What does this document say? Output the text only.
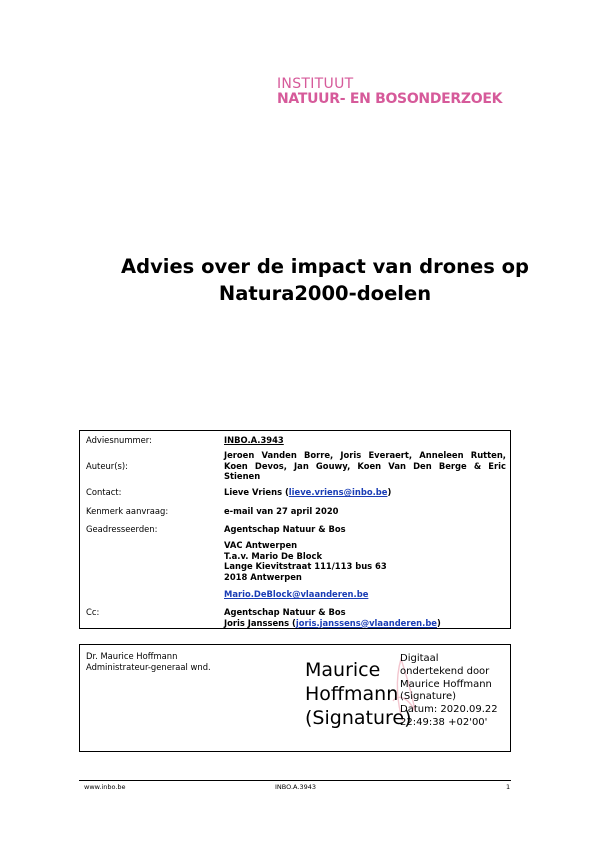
INSTITUUT
NATUUR- EN BOSONDERZOEK
Advies over de impact van drones op
Natura2000-doelen
Adviesnummer:	INBO.A.3943
Auteur(s):
Jeroen Vanden Borre, Joris Everaert, Anneleen Rutten, Koen Devos, Jan Gouwy, Koen Van Den Berge & Eric Stienen
Contact:	Lieve Vriens (lieve.vriens@inbo.be)
Kenmerk aanvraag:	e-mail van 27 april 2020
Geadresseerden:	Agentschap Natuur & Bos
VAC Antwerpen
T.a.v. Mario De Block
Lange Kievitstraat 111/113 bus 63
2018 Antwerpen
Mario.DeBlock@vlaanderen.be
Cc:	Agentschap Natuur & Bos
Joris Janssens (joris.janssens@vlaanderen.be)
Dr. Maurice Hoffmann
Administrateur-generaal wnd.	Maurice
Hoffmann
(Signature)
Digitaal
ondertekend door
Maurice Hoffmann
(Signature)
Datum: 2020.09.22
22:49:38 +02'00'
www.inbo.be	INBO.A.3943	1
